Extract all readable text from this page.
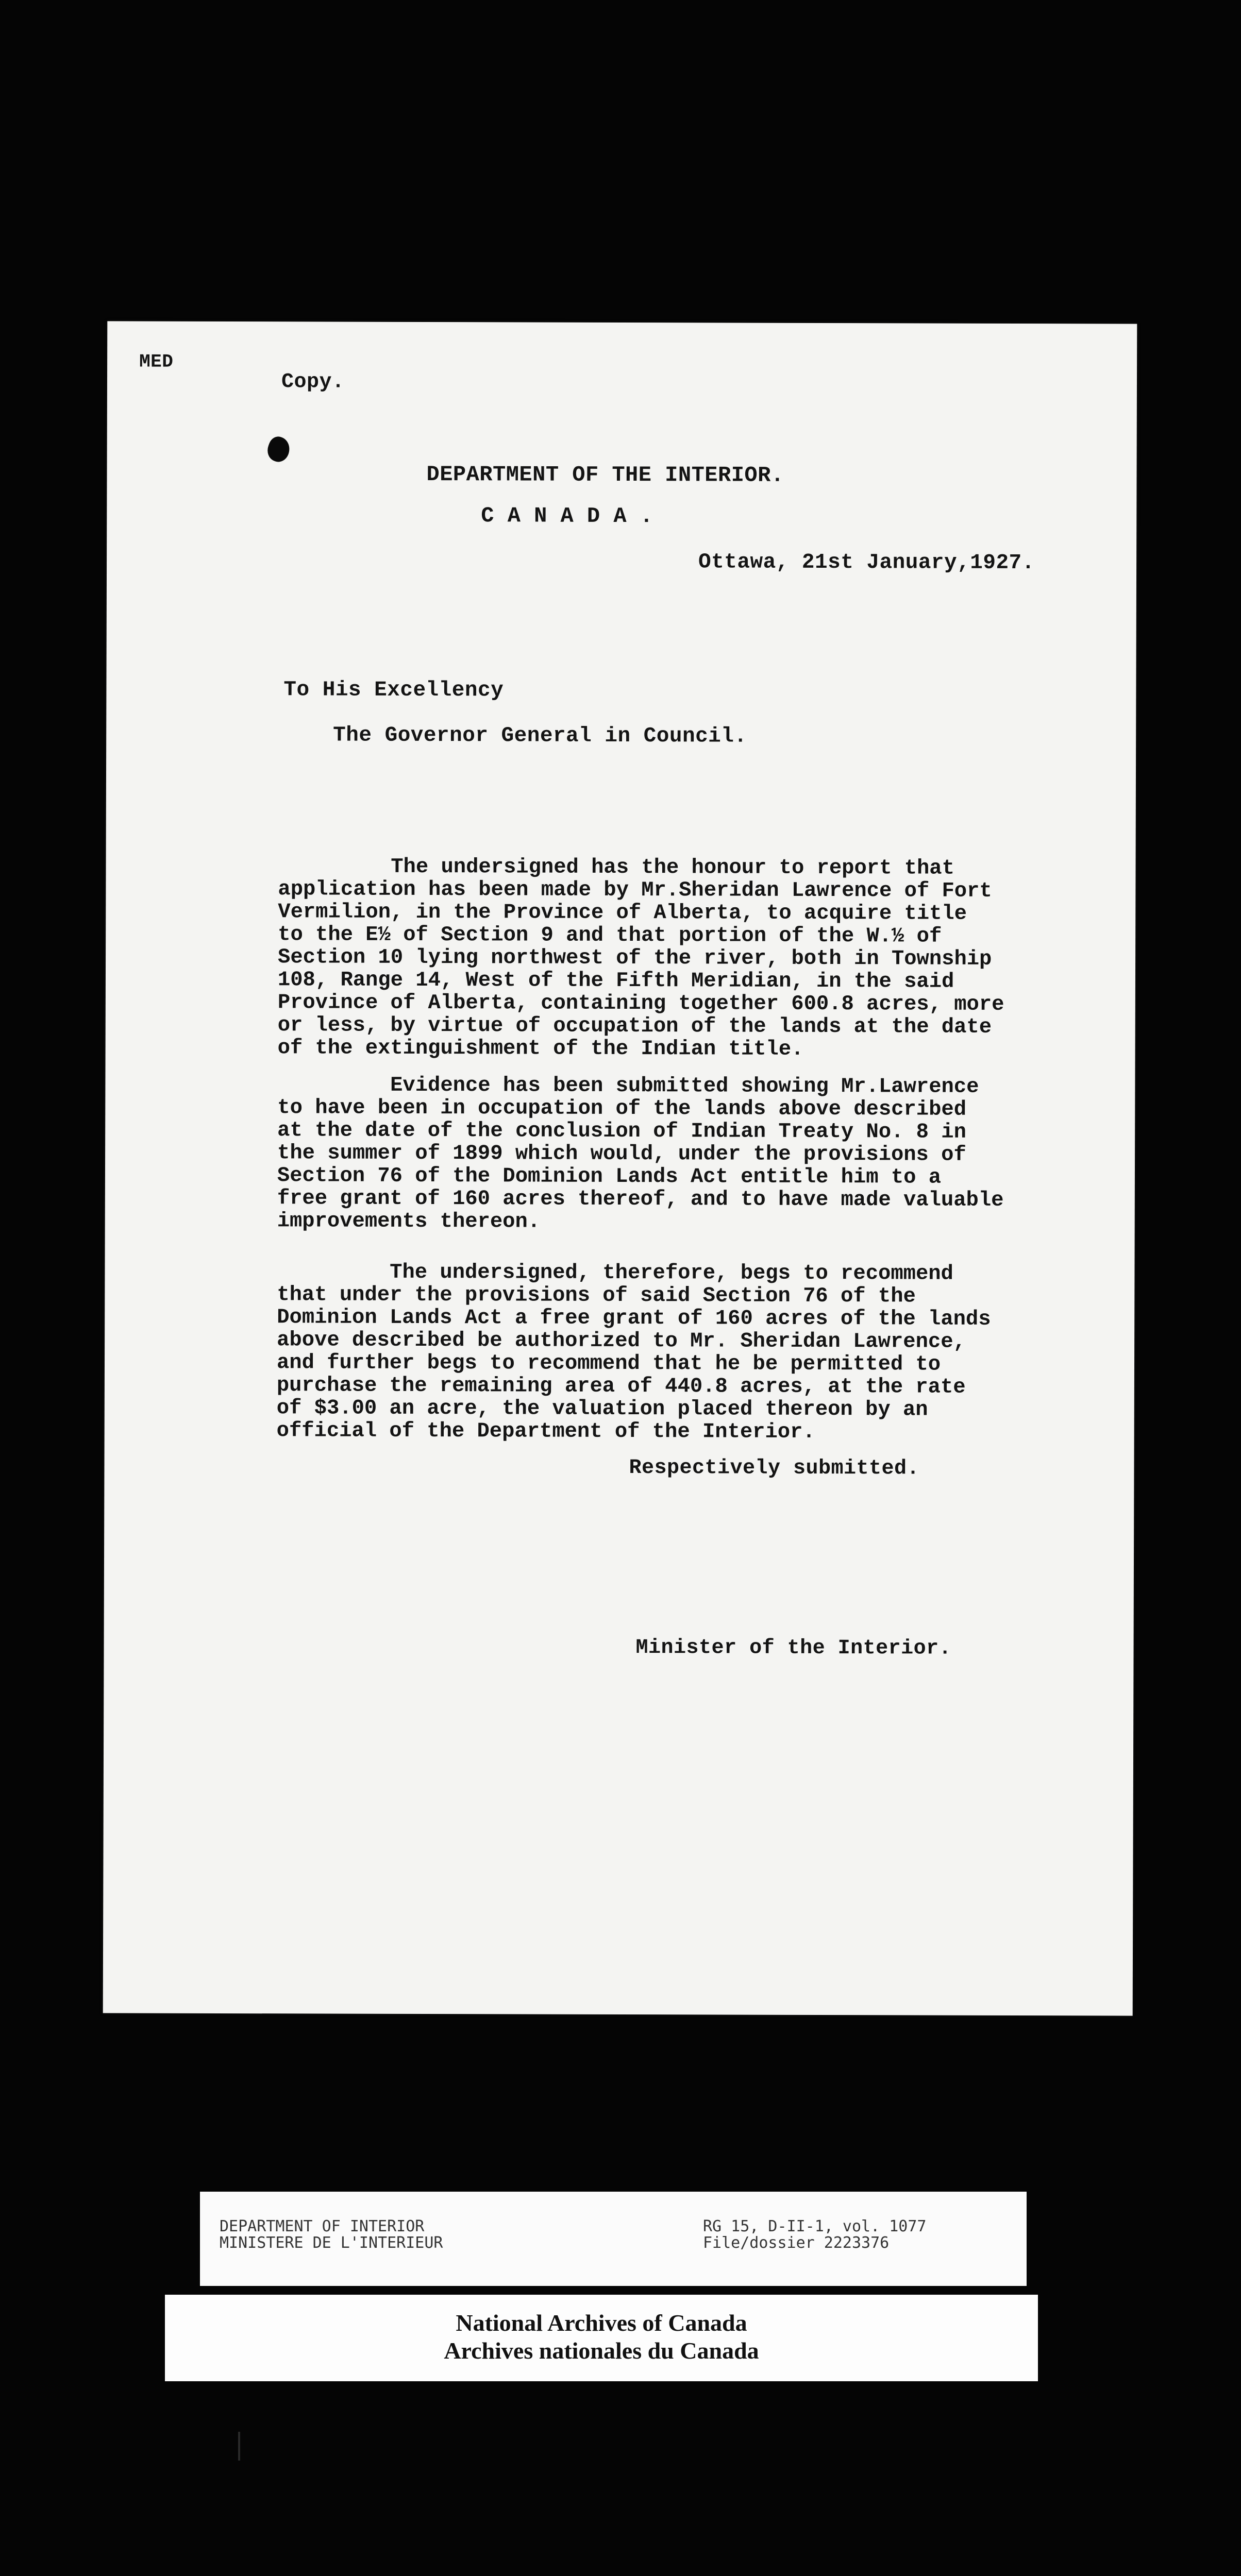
MED
Copy.
DEPARTMENT OF THE INTERIOR.
C A N A D A .
Ottawa, 21st January,1927.
To His Excellency
The Governor General in Council.
The undersigned has the honour to report that
application has been made by Mr.Sheridan Lawrence of Fort
Vermilion, in the Province of Alberta, to acquire title
to the E½ of Section 9 and that portion of the W.½ of
Section 10 lying northwest of the river, both in Township
108, Range 14, West of the Fifth Meridian, in the said
Province of Alberta, containing together 600.8 acres, more
or less, by virtue of occupation of the lands at the date
of the extinguishment of the Indian title.
Evidence has been submitted showing Mr.Lawrence
to have been in occupation of the lands above described
at the date of the conclusion of Indian Treaty No. 8 in
the summer of 1899 which would, under the provisions of
Section 76 of the Dominion Lands Act entitle him to a
free grant of 160 acres thereof, and to have made valuable
improvements thereon.
The undersigned, therefore, begs to recommend
that under the provisions of said Section 76 of the
Dominion Lands Act a free grant of 160 acres of the lands
above described be authorized to Mr. Sheridan Lawrence,
and further begs to recommend that he be permitted to
purchase the remaining area of 440.8 acres, at the rate
of $3.00 an acre, the valuation placed thereon by an
official of the Department of the Interior.
Respectively submitted.
Minister of the Interior.
DEPARTMENT OF INTERIOR
MINISTERE DE L'INTERIEUR
RG 15, D-II-1, vol. 1077
File/dossier 2223376
National Archives of Canada
Archives nationales du Canada
